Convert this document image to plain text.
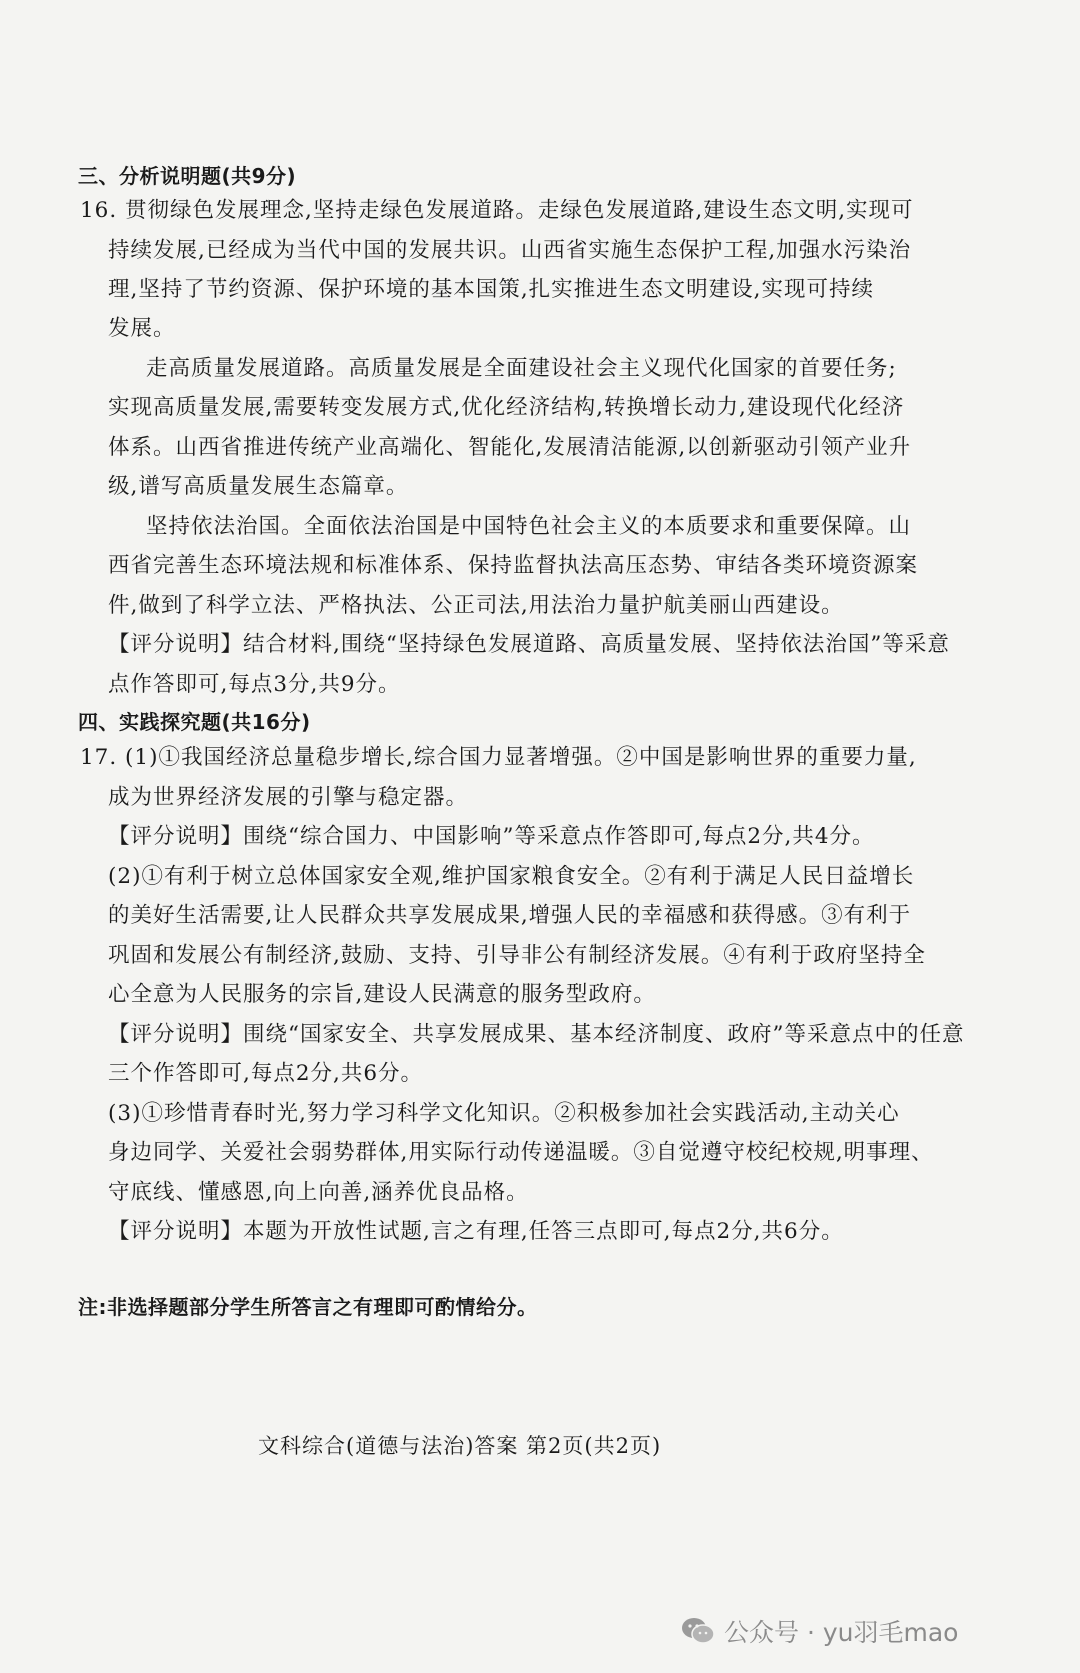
三、分析说明题(共9分)
16. 贯彻绿色发展理念,坚持走绿色发展道路。走绿色发展道路,建设生态文明,实现可
持续发展,已经成为当代中国的发展共识。山西省实施生态保护工程,加强水污染治
理,坚持了节约资源、保护环境的基本国策,扎实推进生态文明建设,实现可持续
发展。
走高质量发展道路。高质量发展是全面建设社会主义现代化国家的首要任务;
实现高质量发展,需要转变发展方式,优化经济结构,转换增长动力,建设现代化经济
体系。山西省推进传统产业高端化、智能化,发展清洁能源,以创新驱动引领产业升
级,谱写高质量发展生态篇章。
坚持依法治国。全面依法治国是中国特色社会主义的本质要求和重要保障。山
西省完善生态环境法规和标准体系、保持监督执法高压态势、审结各类环境资源案
件,做到了科学立法、严格执法、公正司法,用法治力量护航美丽山西建设。
【评分说明】结合材料,围绕“坚持绿色发展道路、高质量发展、坚持依法治国”等采意
点作答即可,每点3分,共9分。
四、实践探究题(共16分)
17. (1)①我国经济总量稳步增长,综合国力显著增强。②中国是影响世界的重要力量,
成为世界经济发展的引擎与稳定器。
【评分说明】围绕“综合国力、中国影响”等采意点作答即可,每点2分,共4分。
(2)①有利于树立总体国家安全观,维护国家粮食安全。②有利于满足人民日益增长
的美好生活需要,让人民群众共享发展成果,增强人民的幸福感和获得感。③有利于
巩固和发展公有制经济,鼓励、支持、引导非公有制经济发展。④有利于政府坚持全
心全意为人民服务的宗旨,建设人民满意的服务型政府。
【评分说明】围绕“国家安全、共享发展成果、基本经济制度、政府”等采意点中的任意
三个作答即可,每点2分,共6分。
(3)①珍惜青春时光,努力学习科学文化知识。②积极参加社会实践活动,主动关心
身边同学、关爱社会弱势群体,用实际行动传递温暖。③自觉遵守校纪校规,明事理、
守底线、懂感恩,向上向善,涵养优良品格。
【评分说明】本题为开放性试题,言之有理,任答三点即可,每点2分,共6分。
注:非选择题部分学生所答言之有理即可酌情给分。
文科综合(道德与法治)答案 第2页(共2页)
公众号 · yu羽毛mao
